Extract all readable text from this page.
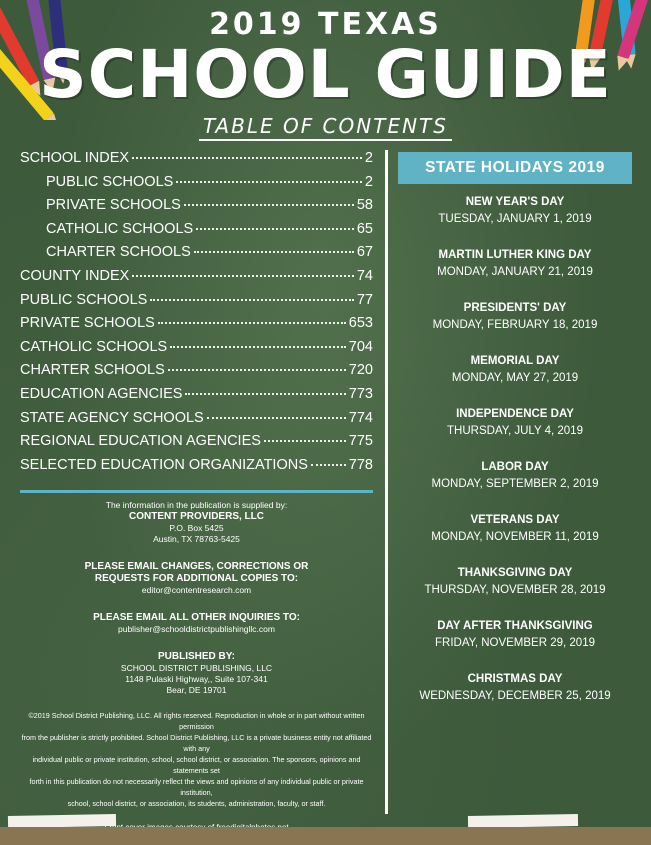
2019 TEXAS
SCHOOL GUIDE
TABLE OF CONTENTS
SCHOOL INDEX	2
PUBLIC SCHOOLS	2
PRIVATE SCHOOLS	58
CATHOLIC SCHOOLS	65
CHARTER SCHOOLS	67
COUNTY INDEX	74
PUBLIC SCHOOLS	77
PRIVATE SCHOOLS	653
CATHOLIC SCHOOLS	704
CHARTER SCHOOLS	720
EDUCATION AGENCIES	773
STATE AGENCY SCHOOLS	774
REGIONAL EDUCATION AGENCIES	775
SELECTED EDUCATION ORGANIZATIONS	778
The information in the publication is supplied by:
CONTENT PROVIDERS, LLC
P.O. Box 5425
Austin, TX 78763-5425
PLEASE EMAIL CHANGES, CORRECTIONS OR
REQUESTS FOR ADDITIONAL COPIES TO:
editor@contentresearch.com
PLEASE EMAIL ALL OTHER INQUIRIES TO:
publisher@schooldistrictpublishingllc.com
PUBLISHED BY:
SCHOOL DISTRICT PUBLISHING, LLC
1148 Pulaski Highway,, Suite 107-341
Bear, DE 19701
©2019 School District Publishing, LLC. All rights reserved. Reproduction in whole or in part without written permission
from the publisher is strictly prohibited. School District Publishing, LLC is a private business entity not affiliated with any
individual public or private institution, school, school district, or association. The sponsors, opinions and statements set
forth in this publication do not necessarily reflect the views and opinions of any individual public or private institution,
school, school district, or association, its students, administration, faculty, or staff.
STATE HOLIDAYS 2019
NEW YEAR'S DAY
TUESDAY, JANUARY 1, 2019
MARTIN LUTHER KING DAY
MONDAY, JANUARY 21, 2019
PRESIDENTS' DAY
MONDAY, FEBRUARY 18, 2019
MEMORIAL DAY
MONDAY, MAY 27, 2019
INDEPENDENCE DAY
THURSDAY, JULY 4, 2019
LABOR DAY
MONDAY, SEPTEMBER 2, 2019
VETERANS DAY
MONDAY, NOVEMBER 11, 2019
THANKSGIVING DAY
THURSDAY, NOVEMBER 28, 2019
DAY AFTER THANKSGIVING
FRIDAY, NOVEMBER 29, 2019
CHRISTMAS DAY
WEDNESDAY, DECEMBER 25, 2019
